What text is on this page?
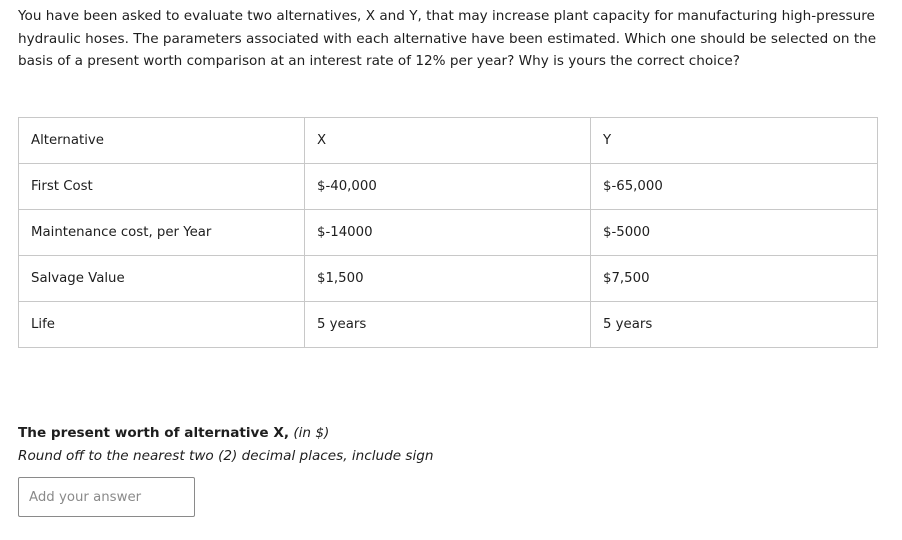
You have been asked to evaluate two alternatives, X and Y, that may increase plant capacity for manufacturing high-pressure hydraulic hoses. The parameters associated with each alternative have been estimated. Which one should be selected on the basis of a present worth comparison at an interest rate of 12% per year? Why is yours the correct choice?

Alternative	X	Y
First Cost	$-40,000	$-65,000
Maintenance cost, per Year	$-14000	$-5000
Salvage Value	$1,500	$7,500
Life	5 years	5 years
The present worth of alternative X, (in $)
Round off to the nearest two (2) decimal places, include sign
Add your answer
